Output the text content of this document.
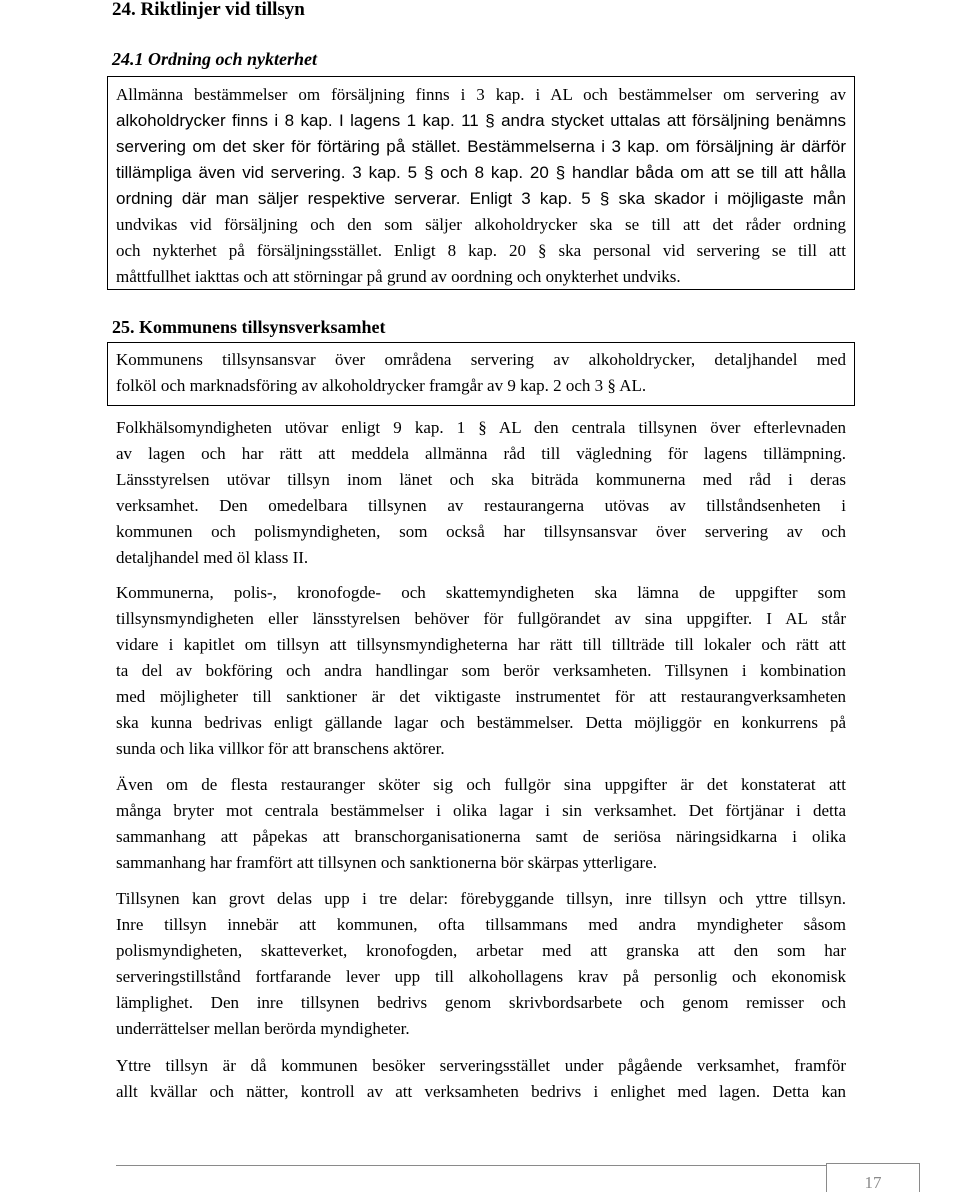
24. Riktlinjer vid tillsyn
24.1 Ordning och nykterhet
Allmänna bestämmelser om försäljning finns i 3 kap. i AL och bestämmelser om servering av
alkoholdrycker finns i 8 kap. I lagens 1 kap. 11 § andra stycket uttalas att försäljning benämns
servering om det sker för förtäring på stället. Bestämmelserna i 3 kap. om försäljning är därför
tillämpliga även vid servering. 3 kap. 5 § och 8 kap. 20 § handlar båda om att se till att hålla
ordning där man säljer respektive serverar. Enligt 3 kap. 5 § ska skador i möjligaste mån
undvikas vid försäljning och den som säljer alkoholdrycker ska se till att det råder ordning
och nykterhet på försäljningsstället. Enligt 8 kap. 20 § ska personal vid servering se till att
måttfullhet iakttas och att störningar på grund av oordning och onykterhet undviks.
25. Kommunens tillsynsverksamhet
Kommunens tillsynsansvar över områdena servering av alkoholdrycker, detaljhandel med
folköl och marknadsföring av alkoholdrycker framgår av 9 kap. 2 och 3 § AL.
Folkhälsomyndigheten utövar enligt 9 kap. 1 § AL den centrala tillsynen över efterlevnaden
av lagen och har rätt att meddela allmänna råd till vägledning för lagens tillämpning.
Länsstyrelsen utövar tillsyn inom länet och ska biträda kommunerna med råd i deras
verksamhet. Den omedelbara tillsynen av restaurangerna utövas av tillståndsenheten i
kommunen och polismyndigheten, som också har tillsynsansvar över servering av och
detaljhandel med öl klass II.
Kommunerna, polis-, kronofogde- och skattemyndigheten ska lämna de uppgifter som
tillsynsmyndigheten eller länsstyrelsen behöver för fullgörandet av sina uppgifter. I AL står
vidare i kapitlet om tillsyn att tillsynsmyndigheterna har rätt till tillträde till lokaler och rätt att
ta del av bokföring och andra handlingar som berör verksamheten. Tillsynen i kombination
med möjligheter till sanktioner är det viktigaste instrumentet för att restaurangverksamheten
ska kunna bedrivas enligt gällande lagar och bestämmelser. Detta möjliggör en konkurrens på
sunda och lika villkor för att branschens aktörer.
Även om de flesta restauranger sköter sig och fullgör sina uppgifter är det konstaterat att
många bryter mot centrala bestämmelser i olika lagar i sin verksamhet. Det förtjänar i detta
sammanhang att påpekas att branschorganisationerna samt de seriösa näringsidkarna i olika
sammanhang har framfört att tillsynen och sanktionerna bör skärpas ytterligare.
Tillsynen kan grovt delas upp i tre delar: förebyggande tillsyn, inre tillsyn och yttre tillsyn.
Inre tillsyn innebär att kommunen, ofta tillsammans med andra myndigheter såsom
polismyndigheten, skatteverket, kronofogden, arbetar med att granska att den som har
serveringstillstånd fortfarande lever upp till alkohollagens krav på personlig och ekonomisk
lämplighet. Den inre tillsynen bedrivs genom skrivbordsarbete och genom remisser och
underrättelser mellan berörda myndigheter.
Yttre tillsyn är då kommunen besöker serveringsstället under pågående verksamhet, framför
allt kvällar och nätter, kontroll av att verksamheten bedrivs i enlighet med lagen. Detta kan
17
